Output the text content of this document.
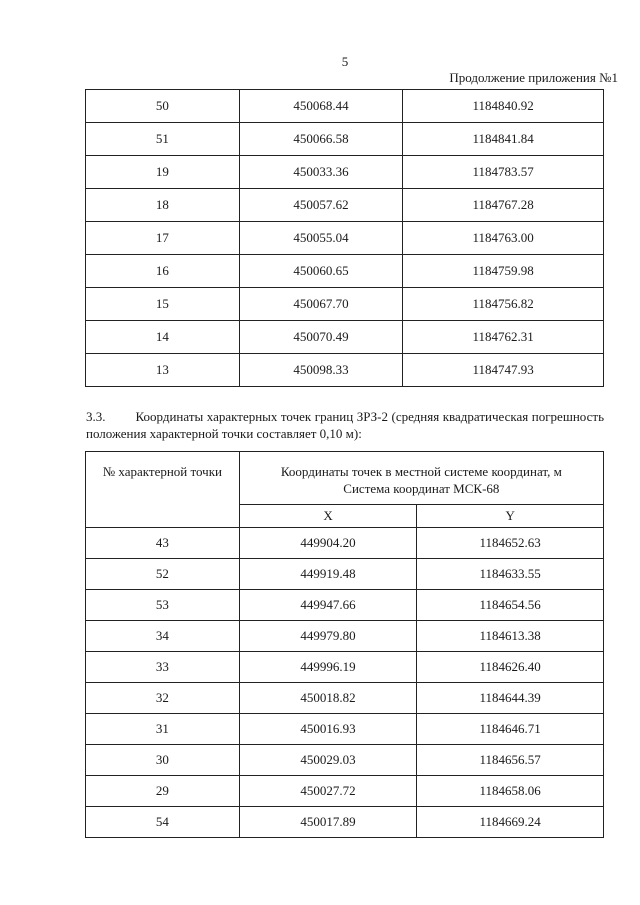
5
Продолжение приложения №1
50	450068.44	1184840.92
51	450066.58	1184841.84
19	450033.36	1184783.57
18	450057.62	1184767.28
17	450055.04	1184763.00
16	450060.65	1184759.98
15	450067.70	1184756.82
14	450070.49	1184762.31
13	450098.33	1184747.93
3.3. Координаты характерных точек границ ЗРЗ-2 (средняя квадратическая погрешность положения характерной точки составляет 0,10 м):
№ характерной точки	Координаты точек в местной системе координат, м
Система координат МСК-68	
	X	Y
43	449904.20	1184652.63
52	449919.48	1184633.55
53	449947.66	1184654.56
34	449979.80	1184613.38
33	449996.19	1184626.40
32	450018.82	1184644.39
31	450016.93	1184646.71
30	450029.03	1184656.57
29	450027.72	1184658.06
54	450017.89	1184669.24
